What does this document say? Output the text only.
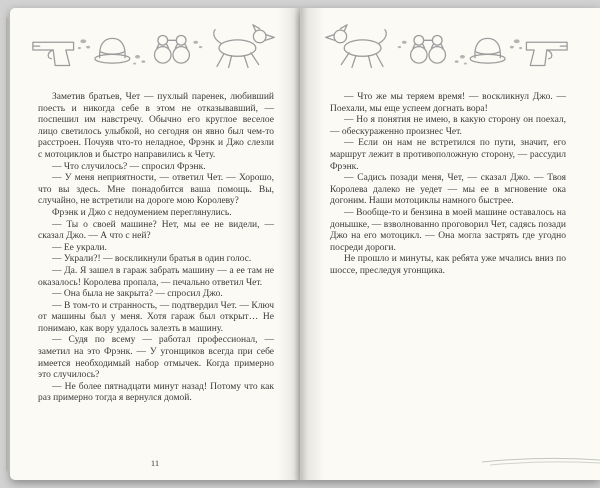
Заметив братьев, Чет — пухлый паренек, любивший поесть и никогда себе в этом не отказывавший, — поспешил им навстречу. Обычно его круглое веселое лицо светилось улыбкой, но сегодня он явно был чем-то расстроен. Почуяв что-то неладное, Фрэнк и Джо слезли с мотоциклов и быстро направились к Чету.

— Что случилось? — спросил Фрэнк.

— У меня неприятности, — ответил Чет. — Хорошо, что вы здесь. Мне понадобится ваша помощь. Вы, случайно, не встретили на дороге мою Королеву?

Фрэнк и Джо с недоумением переглянулись.

— Ты о своей машине? Нет, мы ее не видели, — сказал Джо. — А что с ней?

— Ее украли.

— Украли?! — воскликнули братья в один голос.

— Да. Я зашел в гараж забрать машину — а ее там не оказалось! Королева пропала, — печально ответил Чет.

— Она была не закрыта? — спросил Джо.

— В том-то и странность, — подтвердил Чет. — Ключ от машины был у меня. Хотя гараж был открыт… Не понимаю, как вору удалось залезть в машину.

— Судя по всему — работал профессионал, — заметил на это Фрэнк. — У угонщиков всегда при себе имеется необходимый набор отмычек. Когда примерно это случилось?

— Не более пятнадцати минут назад! Потому что как раз примерно тогда я вернулся домой.

11

— Что же мы теряем время! — воскликнул Джо. — Поехали, мы еще успеем догнать вора!

— Но я понятия не имею, в какую сторону он поехал, — обескураженно произнес Чет.

— Если он нам не встретился по пути, значит, его маршрут лежит в противоположную сторону, — рассудил Фрэнк.

— Садись позади меня, Чет, — сказал Джо. — Твоя Королева далеко не уедет — мы ее в мгновение ока догоним. Наши мотоциклы намного быстрее.

— Вообще-то и бензина в моей машине оставалось на донышке, — взволнованно проговорил Чет, садясь позади Джо на его мотоцикл. — Она могла застрять где угодно посреди дороги.

Не прошло и минуты, как ребята уже мчались вниз по шоссе, преследуя угонщика.
